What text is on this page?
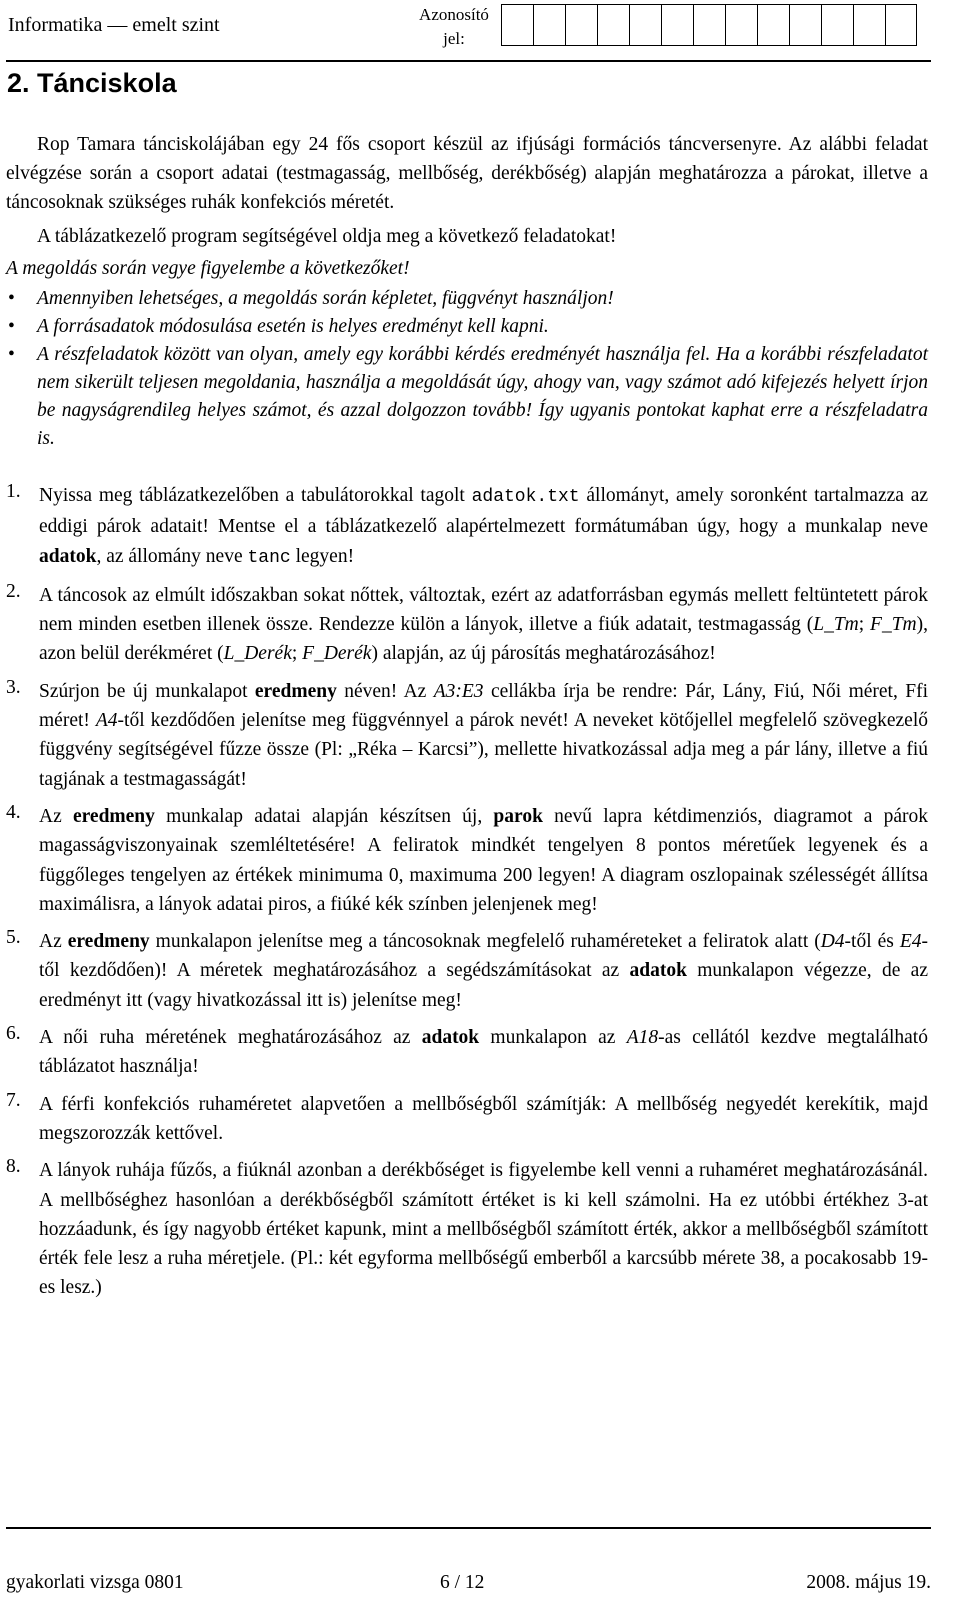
Informatika — emelt szint	Azonosító
jel:
2. Tánciskola

Rop Tamara tánciskolájában egy 24 fős csoport készül az ifjúsági formációs táncversenyre. Az alábbi feladat elvégzése során a csoport adatai (testmagasság, mellbőség, derékbőség) alapján meghatározza a párokat, illetve a táncosoknak szükséges ruhák konfekciós méretét.

A táblázatkezelő program segítségével oldja meg a következő feladatokat!

A megoldás során vegye figyelembe a következőket!

• Amennyiben lehetséges, a megoldás során képletet, függvényt használjon!
• A forrásadatok módosulása esetén is helyes eredményt kell kapni.
• A részfeladatok között van olyan, amely egy korábbi kérdés eredményét használja fel. Ha a korábbi részfeladatot nem sikerült teljesen megoldania, használja a megoldását úgy, ahogy van, vagy számot adó kifejezés helyett írjon be nagyságrendileg helyes számot, és azzal dolgozzon tovább! Így ugyanis pontokat kaphat erre a részfeladatra is.
1. Nyissa meg táblázatkezelőben a tabulátorokkal tagolt adatok.txt állományt, amely soronként tartalmazza az eddigi párok adatait! Mentse el a táblázatkezelő alapértelmezett formátumában úgy, hogy a munkalap neve adatok, az állomány neve tanc legyen!

2. A táncosok az elmúlt időszakban sokat nőttek, változtak, ezért az adatforrásban egymás mellett feltüntetett párok nem minden esetben illenek össze. Rendezze külön a lányok, illetve a fiúk adatait, testmagasság (L_Tm; F_Tm), azon belül derékméret (L_Derék; F_Derék) alapján, az új párosítás meghatározásához!

3. Szúrjon be új munkalapot eredmeny néven! Az A3:E3 cellákba írja be rendre: Pár, Lány, Fiú, Női méret, Ffi méret! A4-től kezdődően jelenítse meg függvénnyel a párok nevét! A neveket kötőjellel megfelelő szövegkezelő függvény segítségével fűzze össze (Pl: „Réka – Karcsi”), mellette hivatkozással adja meg a pár lány, illetve a fiú tagjának a testmagasságát!

4. Az eredmeny munkalap adatai alapján készítsen új, parok nevű lapra kétdimenziós, diagramot a párok magasságviszonyainak szemléltetésére! A feliratok mindkét tengelyen 8 pontos méretűek legyenek és a függőleges tengelyen az értékek minimuma 0, maximuma 200 legyen! A diagram oszlopainak szélességét állítsa maximálisra, a lányok adatai piros, a fiúké kék színben jelenjenek meg!

5. Az eredmeny munkalapon jelenítse meg a táncosoknak megfelelő ruhaméreteket a feliratok alatt (D4-től és E4-től kezdődően)! A méretek meghatározásához a segédszámításokat az adatok munkalapon végezze, de az eredményt itt (vagy hivatkozással itt is) jelenítse meg!

6. A női ruha méretének meghatározásához az adatok munkalapon az A18-as cellától kezdve megtalálható táblázatot használja!

7. A férfi konfekciós ruhaméretet alapvetően a mellbőségből számítják: A mellbőség negyedét kerekítik, majd megszorozzák kettővel.

8. A lányok ruhája fűzős, a fiúknál azonban a derékbőséget is figyelembe kell venni a ruhaméret meghatározásánál. A mellbőséghez hasonlóan a derékbőségből számított értéket is ki kell számolni. Ha ez utóbbi értékhez 3-at hozzáadunk, és így nagyobb értéket kapunk, mint a mellbőségből számított érték, akkor a mellbőségből számított érték fele lesz a ruha méretjele. (Pl.: két egyforma mellbőségű emberből a karcsúbb mérete 38, a pocakosabb 19-es lesz.)

gyakorlati vizsga 0801	6 / 12	2008. május 19.
